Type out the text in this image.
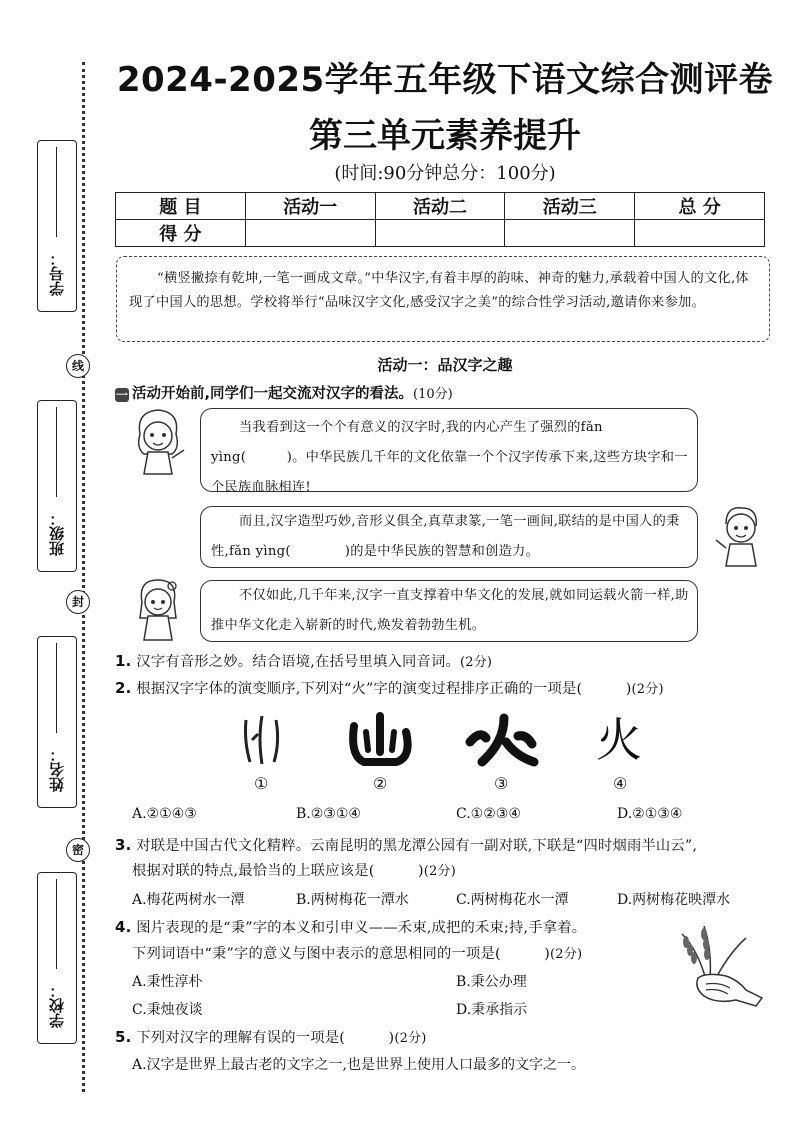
学号：
线
班级：
封
姓名：
密
学校：
2024-2025学年五年级下语文综合测评卷
第三单元素养提升
(时间:90分钟总分：100分)
题 目	活动一	活动二	活动三	总 分
得 分				

“横竖撇捺有乾坤,一笔一画成文章。”中华汉字,有着丰厚的韵味、神奇的魅力,承载着中国人的文化,体现了中国人的思想。学校将举行“品味汉字文化,感受汉字之美”的综合性学习活动,邀请你来参加。

活动一：品汉字之趣
一 活动开始前,同学们一起交流对汉字的看法。(10分)

当我看到这一个个有意义的汉字时,我的内心产生了强烈的fǎn yìng(　　　)。中华民族几千年的文化依靠一个个汉字传承下来,这些方块字和一个民族血脉相连!

而且,汉字造型巧妙,音形义俱全,真草隶篆,一笔一画间,联结的是中国人的秉性,fǎn yìng(　　　　)的是中华民族的智慧和创造力。

不仅如此,几千年来,汉字一直支撑着中华文化的发展,就如同运载火箭一样,助推中华文化走入崭新的时代,焕发着勃勃生机。

1. 汉字有音形之妙。结合语境,在括号里填入同音词。(2分)
2. 根据汉字字体的演变顺序,下列对“火”字的演变过程排序正确的一项是(　　　)(2分)
火
①	②	③	④
A.②①④③	B.②③①④	C.①②③④	D.②①③④
3. 对联是中国古代文化精粹。云南昆明的黑龙潭公园有一副对联,下联是“四时烟雨半山云”,
根据对联的特点,最恰当的上联应该是(　　　)(2分)
A.梅花两树水一潭	B.两树梅花一潭水	C.两树梅花水一潭	D.两树梅花映潭水
4. 图片表现的是“秉”字的本义和引申义——禾束,成把的禾束;持,手拿着。
下列词语中“秉”字的意义与图中表示的意思相同的一项是(　　　)(2分)
A.秉性淳朴	B.秉公办理
C.秉烛夜谈	D.秉承指示
5. 下列对汉字的理解有误的一项是(　　　)(2分)
A.汉字是世界上最古老的文字之一,也是世界上使用人口最多的文字之一。
